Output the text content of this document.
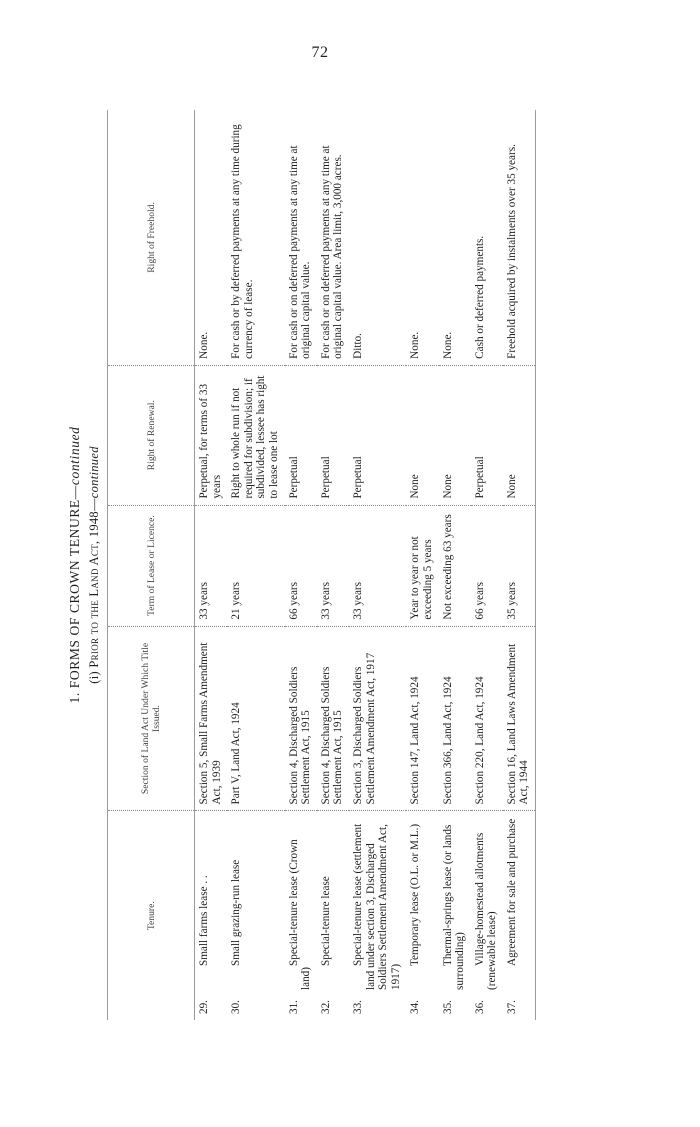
72
1. FORMS OF CROWN TENURE—continued
(i) Prior to the Land Act, 1948—continued
Tenure.	Section of Land Act Under Which Title Issued.	Term of Lease or Licence.	Right of Renewal.	Right of Freehold.

29.Small farms lease . .	Section 5, Small Farms Amendment Act, 1939	33 years	Perpetual, for terms of 33 years	None.

30.Small grazing-run lease	Part V, Land Act, 1924	21 years	Right to whole run if not required for subdivision; if subdivided, lessee has right to lease one lot	For cash or by deferred payments at any time during currency of lease.

31.Special-tenure lease (Crown land)	Section 4, Discharged Soldiers Settlement Act, 1915	66 years	Perpetual	For cash or on deferred payments at any time at original capital value.

32.Special-tenure lease	Section 4, Discharged Soldiers Settlement Act, 1915	33 years	Perpetual	For cash or on deferred payments at any time at original capital value. Area limit, 3,000 acres.

33.Special-tenure lease (settlement land under section 3, Discharged Soldiers Settlement Amendment Act, 1917)	Section 3, Discharged Soldiers Settlement Amendment Act, 1917	33 years	Perpetual	Ditto.

34.Temporary lease (O.L. or M.L.)	Section 147, Land Act, 1924	Year to year or not exceeding 5 years	None	None.

35.Thermal-springs lease (or lands surrounding)	Section 366, Land Act, 1924	Not exceeding 63 years	None	None.

36.Village-homestead allotments (renewable lease)	Section 220, Land Act, 1924	66 years	Perpetual	Cash or deferred payments.

37.Agreement for sale and purchase	Section 16, Land Laws Amendment Act, 1944	35 years	None	Freehold acquired by instalments over 35 years.
